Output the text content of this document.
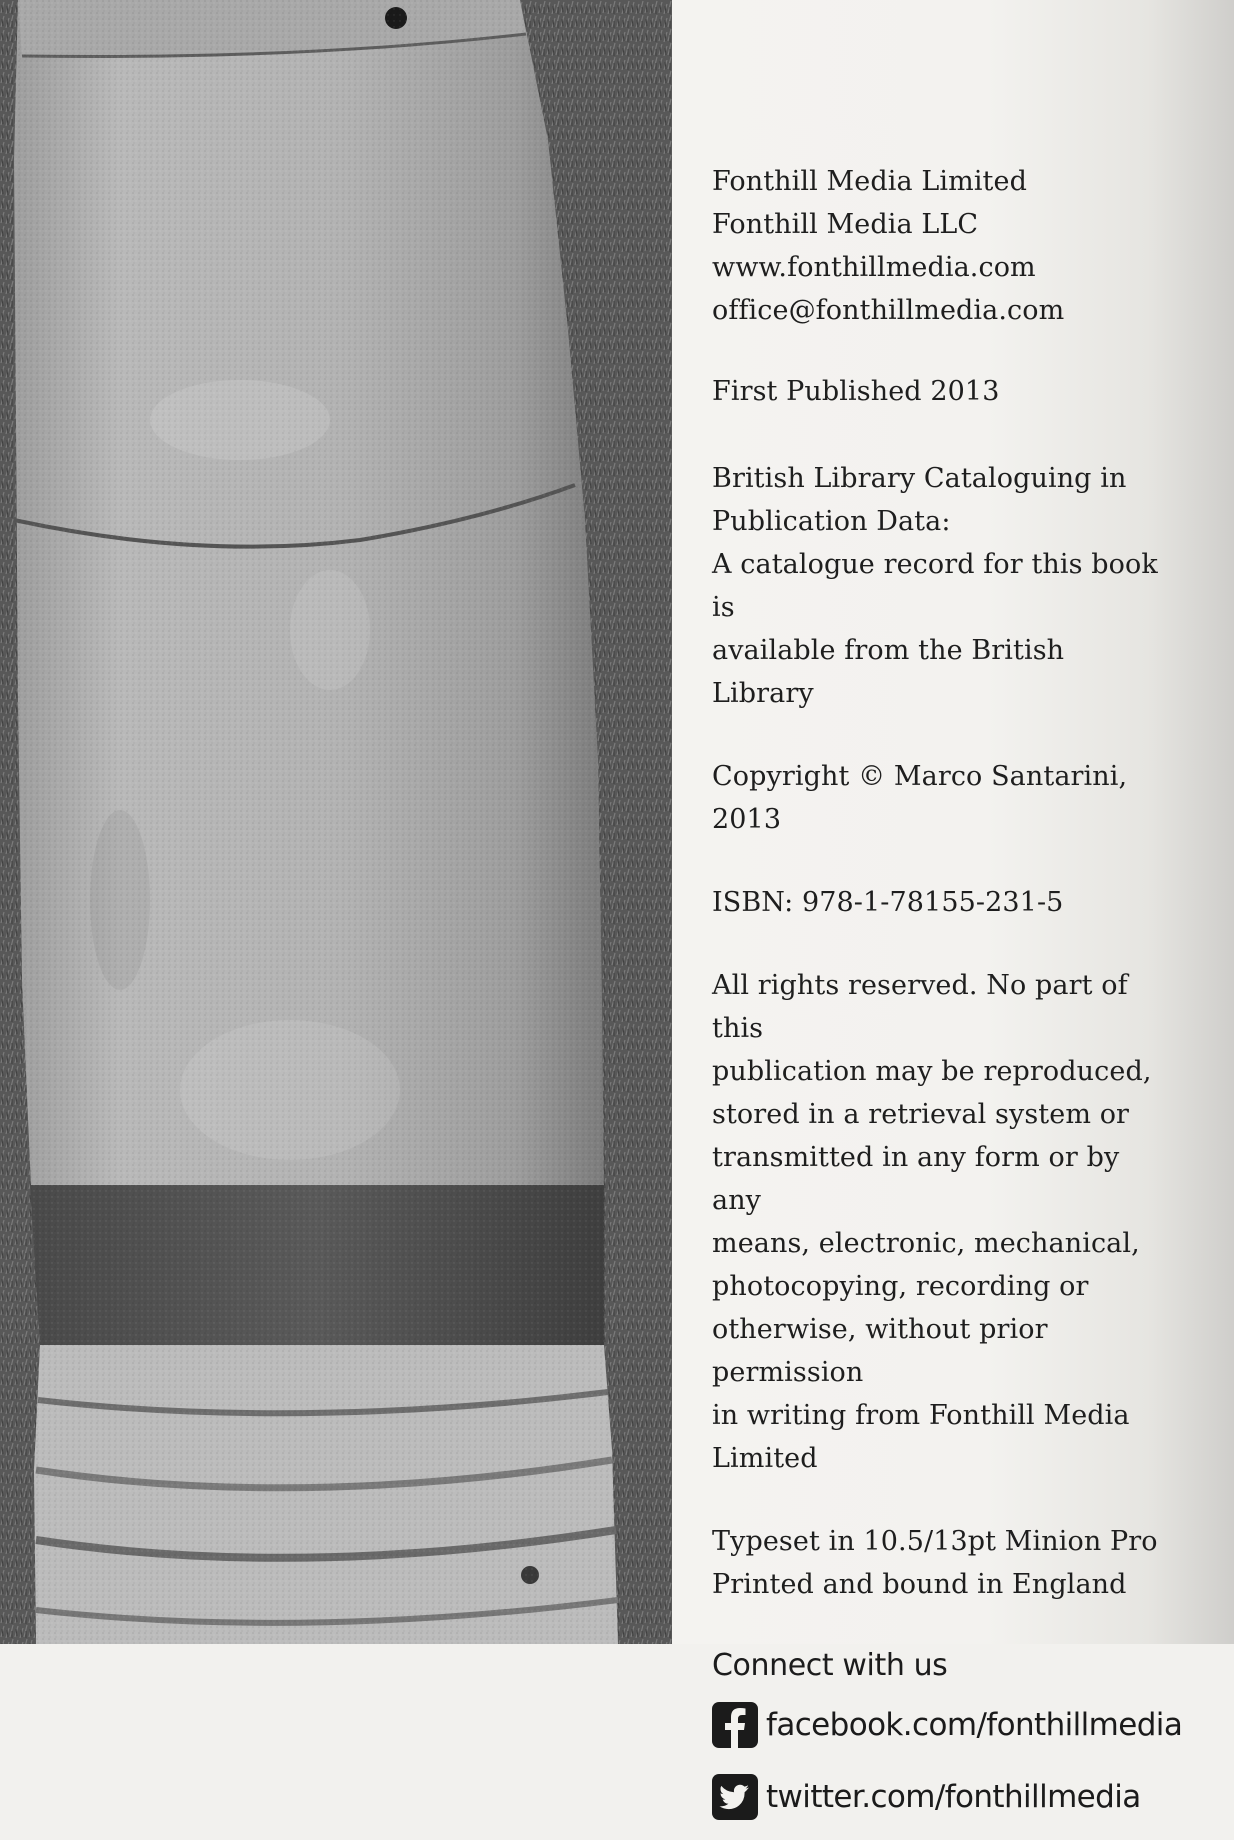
Fonthill Media Limited

Fonthill Media LLC

www.fonthillmedia.com

office@fonthillmedia.com

First Published 2013

British Library Cataloguing in

Publication Data:

A catalogue record for this book is

available from the British Library

Copyright © Marco Santarini, 2013

ISBN: 978-1-78155-231-5

All rights reserved. No part of this

publication may be reproduced,

stored in a retrieval system or

transmitted in any form or by any

means, electronic, mechanical,

photocopying, recording or

otherwise, without prior permission

in writing from Fonthill Media

Limited

Typeset in 10.5/13pt Minion Pro

Printed and bound in England

Connect with us
facebook.com/fonthillmedia
twitter.com/fonthillmedia
